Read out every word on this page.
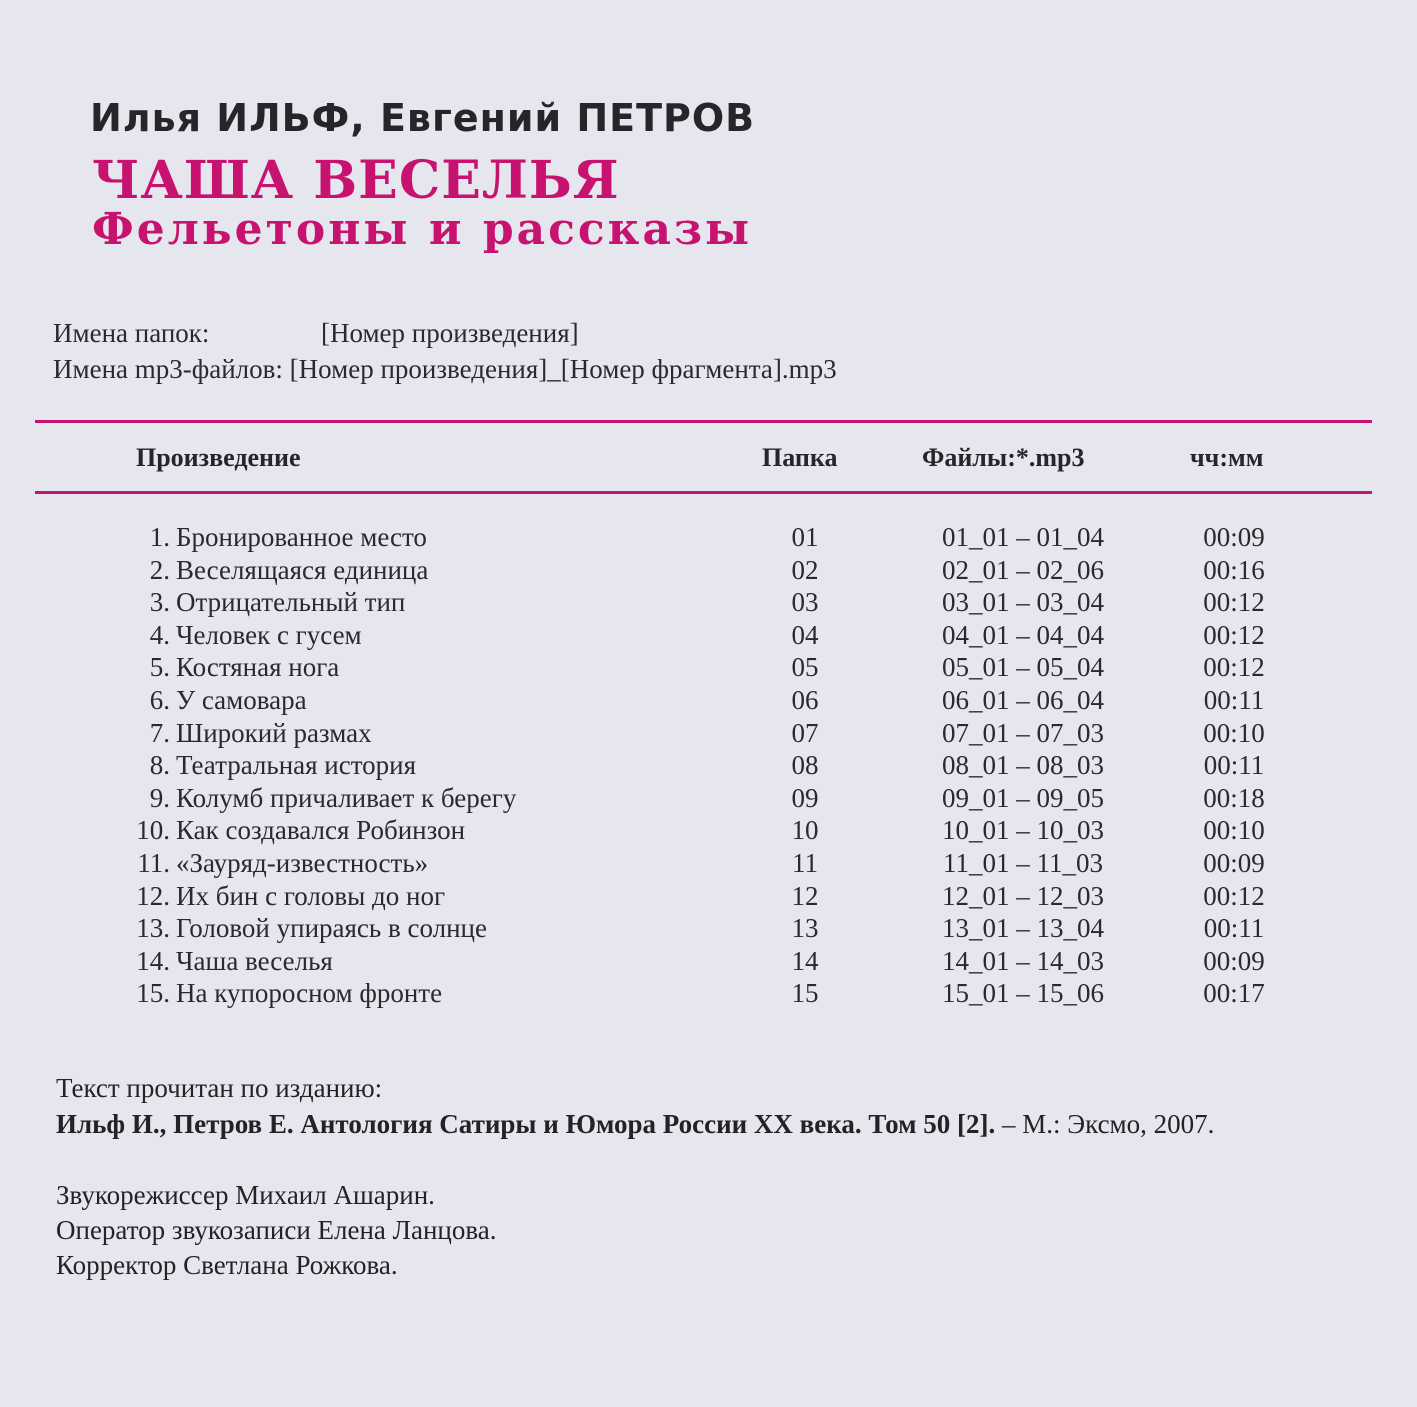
Илья ИЛЬФ, Евгений ПЕТРОВ
ЧАША ВЕСЕЛЬЯ
Фельетоны и рассказы
Имена папок:	[Номер произведения]
Имена mp3-файлов: [Номер произведения]_[Номер фрагмента].mp3
Произведение	Папка	Файлы:*.mp3	чч:мм
1. Бронированное место	01	01_01 – 01_04	00:09
2. Веселящаяся единица	02	02_01 – 02_06	00:16
3. Отрицательный тип	03	03_01 – 03_04	00:12
4. Человек с гусем	04	04_01 – 04_04	00:12
5. Костяная нога	05	05_01 – 05_04	00:12
6. У самовара	06	06_01 – 06_04	00:11
7. Широкий размах	07	07_01 – 07_03	00:10
8. Театральная история	08	08_01 – 08_03	00:11
9. Колумб причаливает к берегу	09	09_01 – 09_05	00:18
10. Как создавался Робинзон	10	10_01 – 10_03	00:10
11. «Зауряд-известность»	11	11_01 – 11_03	00:09
12. Их бин с головы до ног	12	12_01 – 12_03	00:12
13. Головой упираясь в солнце	13	13_01 – 13_04	00:11
14. Чаша веселья	14	14_01 – 14_03	00:09
15. На купоросном фронте	15	15_01 – 15_06	00:17
Текст прочитан по изданию:
Ильф И., Петров Е. Антология Сатиры и Юмора России XX века. Том 50 [2]. – М.: Эксмо, 2007.
Звукорежиссер Михаил Ашарин.
Оператор звукозаписи Елена Ланцова.
Корректор Светлана Рожкова.
